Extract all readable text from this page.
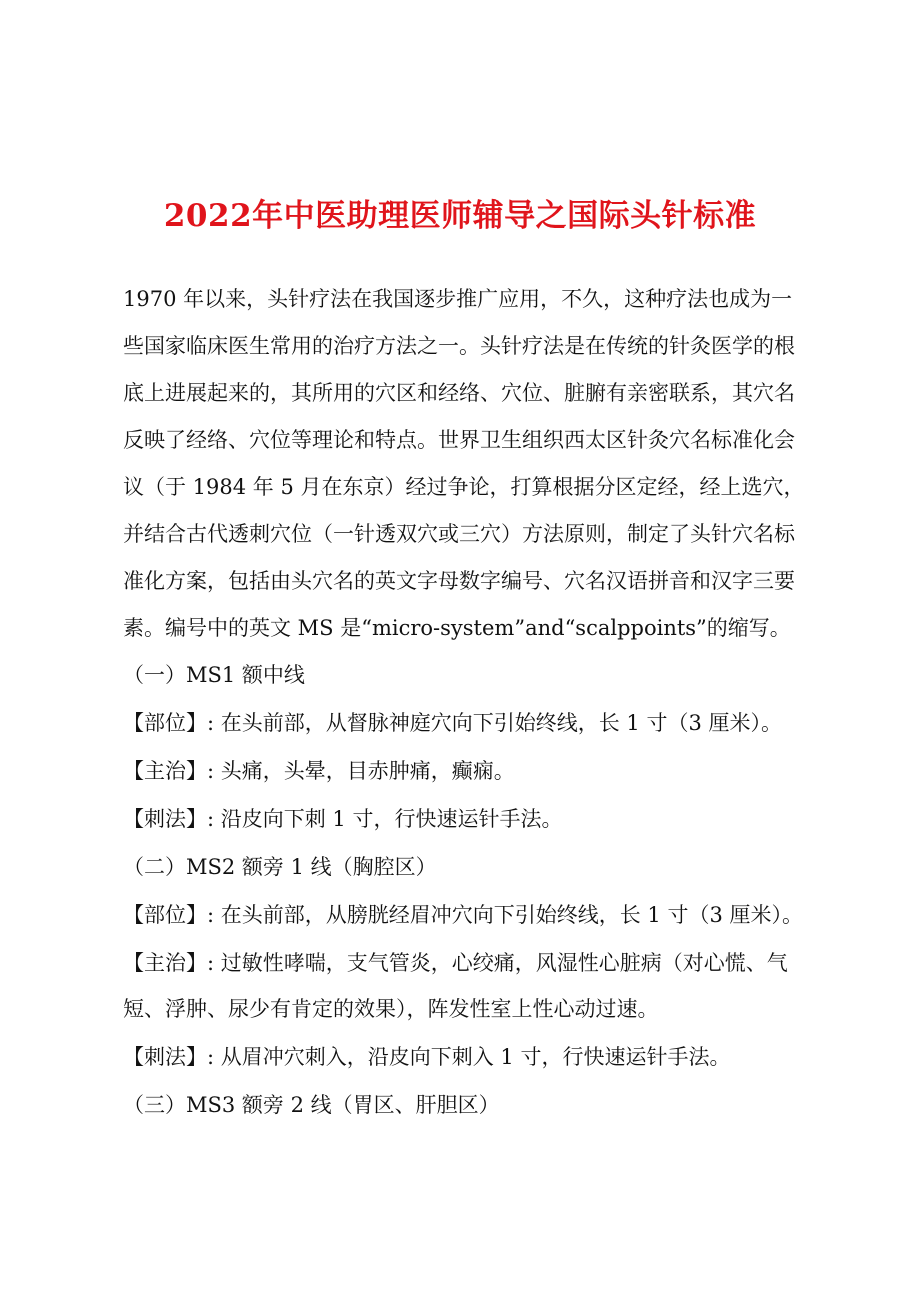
2022年中医助理医师辅导之国际头针标准
1970 年以来，头针疗法在我国逐步推广应用，不久，这种疗法也成为一
些国家临床医生常用的治疗方法之一。头针疗法是在传统的针灸医学的根
底上进展起来的，其所用的穴区和经络、穴位、脏腑有亲密联系，其穴名
反映了经络、穴位等理论和特点。世界卫生组织西太区针灸穴名标准化会
议（于 1984 年 5 月在东京）经过争论，打算根据分区定经，经上选穴，
并结合古代透刺穴位（一针透双穴或三穴）方法原则，制定了头针穴名标
准化方案，包括由头穴名的英文字母数字编号、穴名汉语拼音和汉字三要
素。编号中的英文 MS 是“micro-system”and“scalppoints”的缩写。
（一）MS1 额中线
【部位】: 在头前部，从督脉神庭穴向下引始终线，长 1 寸（3 厘米）。
【主治】: 头痛，头晕，目赤肿痛，癫痫。
【刺法】: 沿皮向下刺 1 寸，行快速运针手法。
（二）MS2 额旁 1 线（胸腔区）
【部位】: 在头前部，从膀胱经眉冲穴向下引始终线，长 1 寸（3 厘米）。
【主治】: 过敏性哮喘，支气管炎，心绞痛，风湿性心脏病（对心慌、气
短、浮肿、尿少有肯定的效果），阵发性室上性心动过速。
【刺法】: 从眉冲穴刺入，沿皮向下刺入 1 寸，行快速运针手法。
（三）MS3 额旁 2 线（胃区、肝胆区）
